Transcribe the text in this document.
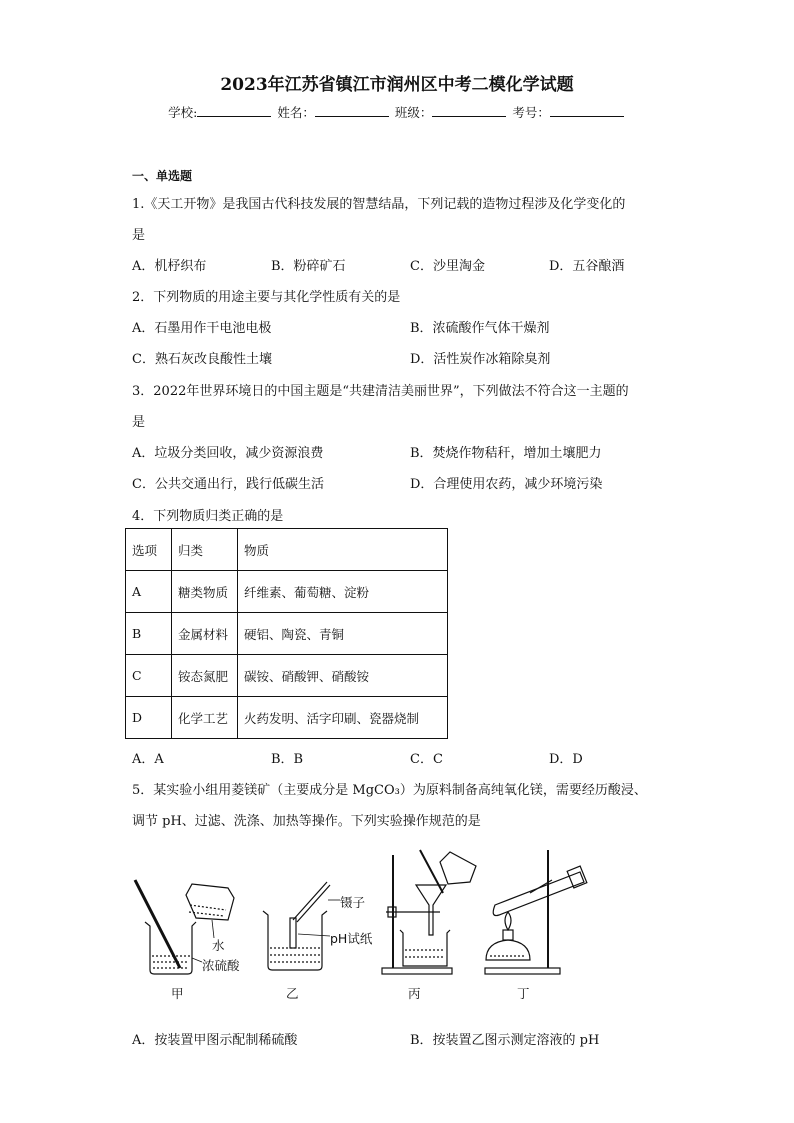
2023年江苏省镇江市润州区中考二模化学试题
学校:	姓名：	班级：	考号：
一、单选题
1.《天工开物》是我国古代科技发展的智慧结晶，下列记载的造物过程涉及化学变化的
是
A．机杼织布	B．粉碎矿石	C．沙里淘金	D．五谷酿酒
2．下列物质的用途主要与其化学性质有关的是
A．石墨用作干电池电极	B．浓硫酸作气体干燥剂
C．熟石灰改良酸性土壤	D．活性炭作冰箱除臭剂
3．2022年世界环境日的中国主题是“共建清洁美丽世界”，下列做法不符合这一主题的
是
A．垃圾分类回收，减少资源浪费	B．焚烧作物秸秆，增加土壤肥力
C．公共交通出行，践行低碳生活	D．合理使用农药，减少环境污染
4．下列物质归类正确的是
选项	归类	物质
A	糖类物质	纤维素、葡萄糖、淀粉
B	金属材料	硬铝、陶瓷、青铜
C	铵态氮肥	碳铵、硝酸钾、硝酸铵
D	化学工艺	火药发明、活字印刷、瓷器烧制
A．A	B．B	C．C	D．D
5．某实验小组用菱镁矿（主要成分是 MgCO₃）为原料制备高纯氧化镁，需要经历酸浸、
调节 pH、过滤、洗涤、加热等操作。下列实验操作规范的是
水
浓硫酸
镊子
pH试纸
甲	乙	丙	丁
A．按装置甲图示配制稀硫酸	B．按装置乙图示测定溶液的 pH
